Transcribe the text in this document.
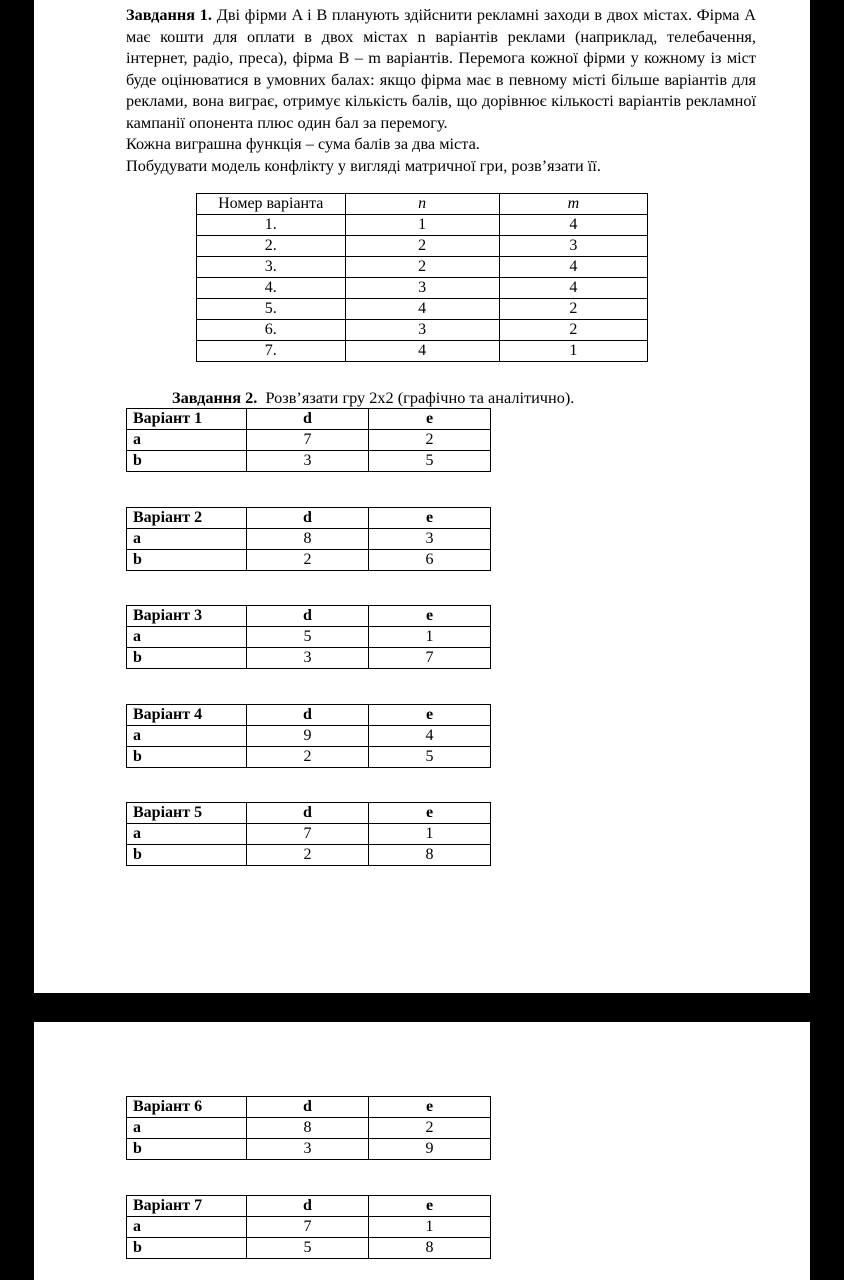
Завдання 1. Дві фірми A і B планують здійснити рекламні заходи в двох містах. Фірма A має кошти для оплати в двох містах n варіантів реклами (наприклад, телебачення, інтернет, радіо, преса), фірма B – m варіантів. Перемога кожної фірми у кожному із міст буде оцінюватися в умовних балах: якщо фірма має в певному місті більше варіантів для реклами, вона виграє, отримує кількість балів, що дорівнює кількості варіантів рекламної кампанії опонента плюс один бал за перемогу.

Кожна виграшна функція – сума балів за два міста.

Побудувати модель конфлікту у вигляді матричної гри, розв’язати її.

Номер варіанта	n	m
1.	1	4
2.	2	3
3.	2	4
4.	3	4
5.	4	2
6.	3	2
7.	4	1
Завдання 2. Розв’язати гру 2х2 (графічно та аналітично).
Варіант 1	d	e
a	7	2
b	3	5
Варіант 2	d	e
a	8	3
b	2	6
Варіант 3	d	e
a	5	1
b	3	7
Варіант 4	d	e
a	9	4
b	2	5
Варіант 5	d	e
a	7	1
b	2	8
Варіант 6	d	e
a	8	2
b	3	9
Варіант 7	d	e
a	7	1
b	5	8
